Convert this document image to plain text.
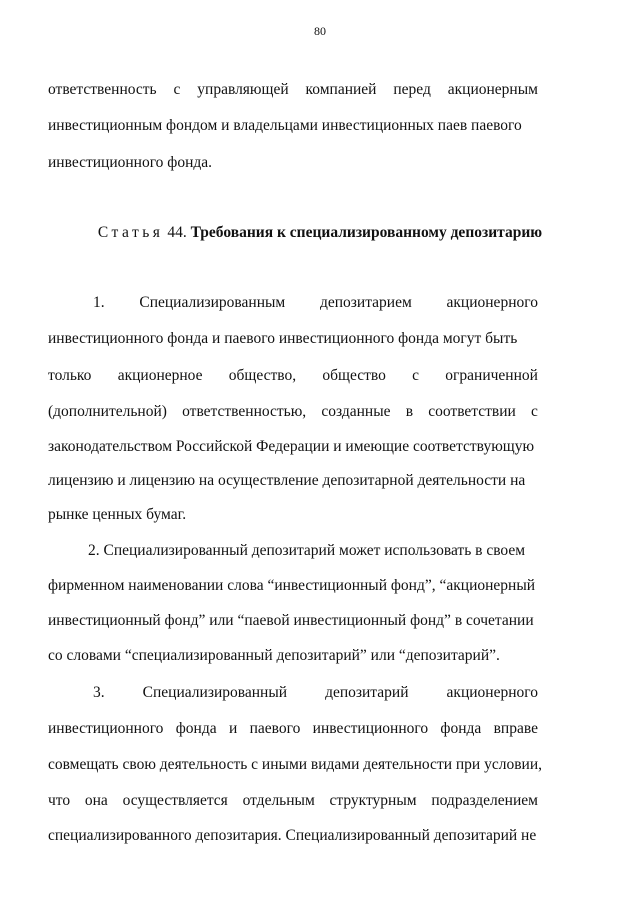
80
ответственность с управляющей компанией перед акционерным
инвестиционным фондом и владельцами инвестиционных паев паевого
инвестиционного фонда.
Статья 44. Требования к специализированному депозитарию
1. Специализированным депозитарием акционерного
инвестиционного фонда и паевого инвестиционного фонда могут быть
только акционерное общество, общество с ограниченной
(дополнительной) ответственностью, созданные в соответствии с
законодательством Российской Федерации и имеющие соответствующую
лицензию и лицензию на осуществление депозитарной деятельности на
рынке ценных бумаг.
2. Специализированный депозитарий может использовать в своем
фирменном наименовании слова “инвестиционный фонд”, “акционерный
инвестиционный фонд” или “паевой инвестиционный фонд” в сочетании
со словами “специализированный депозитарий” или “депозитарий”.
3. Специализированный депозитарий акционерного
инвестиционного фонда и паевого инвестиционного фонда вправе
совмещать свою деятельность с иными видами деятельности при условии,
что она осуществляется отдельным структурным подразделением
специализированного депозитария. Специализированный депозитарий не
